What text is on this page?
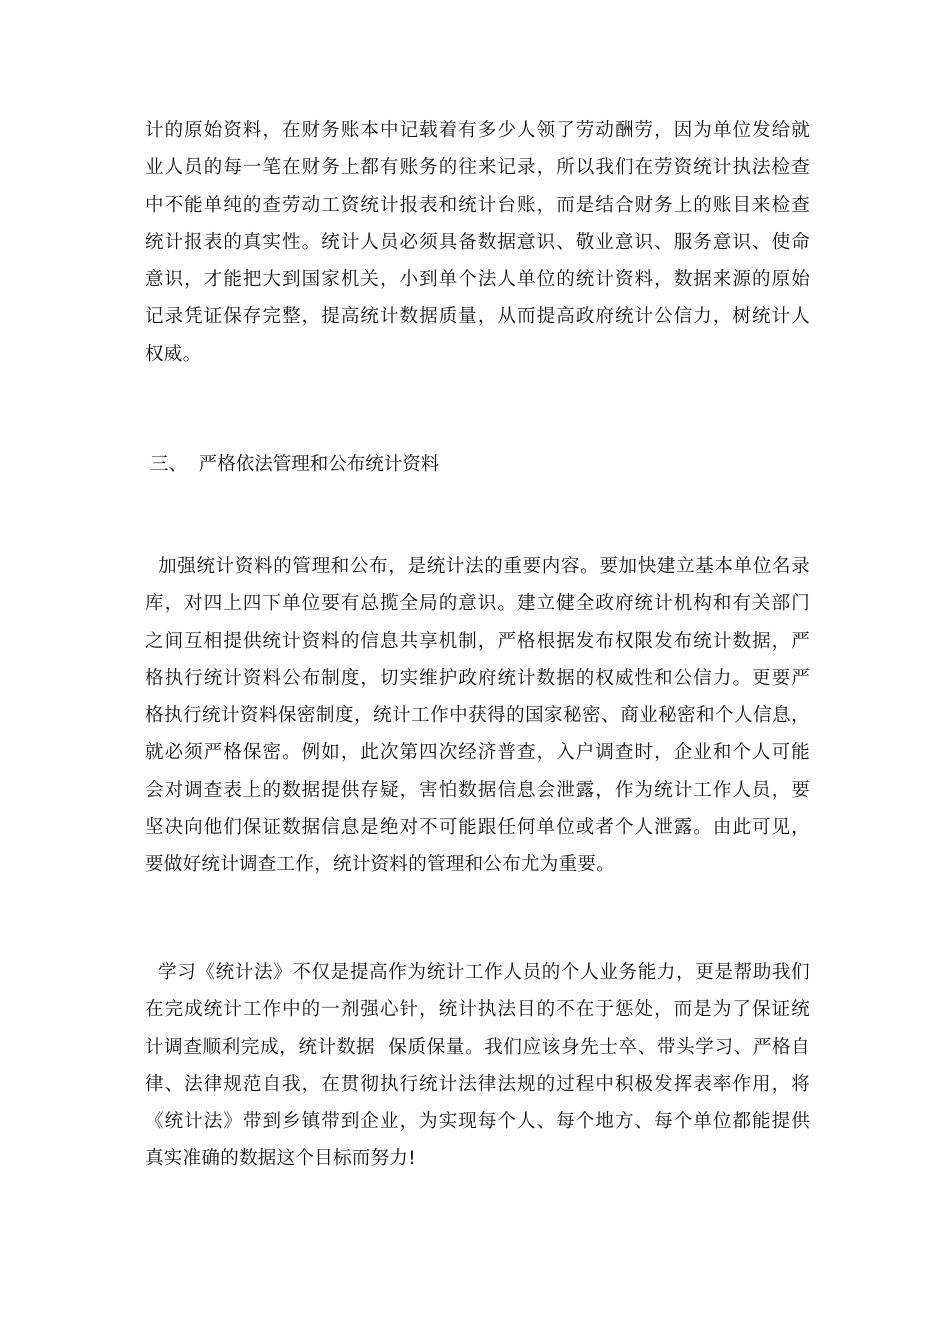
计的原始资料，在财务账本中记载着有多少人领了劳动酬劳，因为单位发给就
业人员的每一笔在财务上都有账务的往来记录，所以我们在劳资统计执法检查
中不能单纯的查劳动工资统计报表和统计台账，而是结合财务上的账目来检查
统计报表的真实性。统计人员必须具备数据意识、敬业意识、服务意识、使命
意识，才能把大到国家机关，小到单个法人单位的统计资料，数据来源的原始
记录凭证保存完整，提高统计数据质量，从而提高政府统计公信力，树统计人
权威。
三、  严格依法管理和公布统计资料
加强统计资料的管理和公布，是统计法的重要内容。要加快建立基本单位名录
库，对四上四下单位要有总揽全局的意识。建立健全政府统计机构和有关部门
之间互相提供统计资料的信息共享机制，严格根据发布权限发布统计数据，严
格执行统计资料公布制度，切实维护政府统计数据的权威性和公信力。更要严
格执行统计资料保密制度，统计工作中获得的国家秘密、商业秘密和个人信息，
就必须严格保密。例如，此次第四次经济普查，入户调查时，企业和个人可能
会对调查表上的数据提供存疑，害怕数据信息会泄露，作为统计工作人员，要
坚决向他们保证数据信息是绝对不可能跟任何单位或者个人泄露。由此可见，
要做好统计调查工作，统计资料的管理和公布尤为重要。
学习《统计法》不仅是提高作为统计工作人员的个人业务能力，更是帮助我们
在完成统计工作中的一剂强心针，统计执法目的不在于惩处，而是为了保证统
计调查顺利完成，统计数据  保质保量。我们应该身先士卒、带头学习、严格自
律、法律规范自我，在贯彻执行统计法律法规的过程中积极发挥表率作用，将
《统计法》带到乡镇带到企业，为实现每个人、每个地方、每个单位都能提供
真实准确的数据这个目标而努力!
